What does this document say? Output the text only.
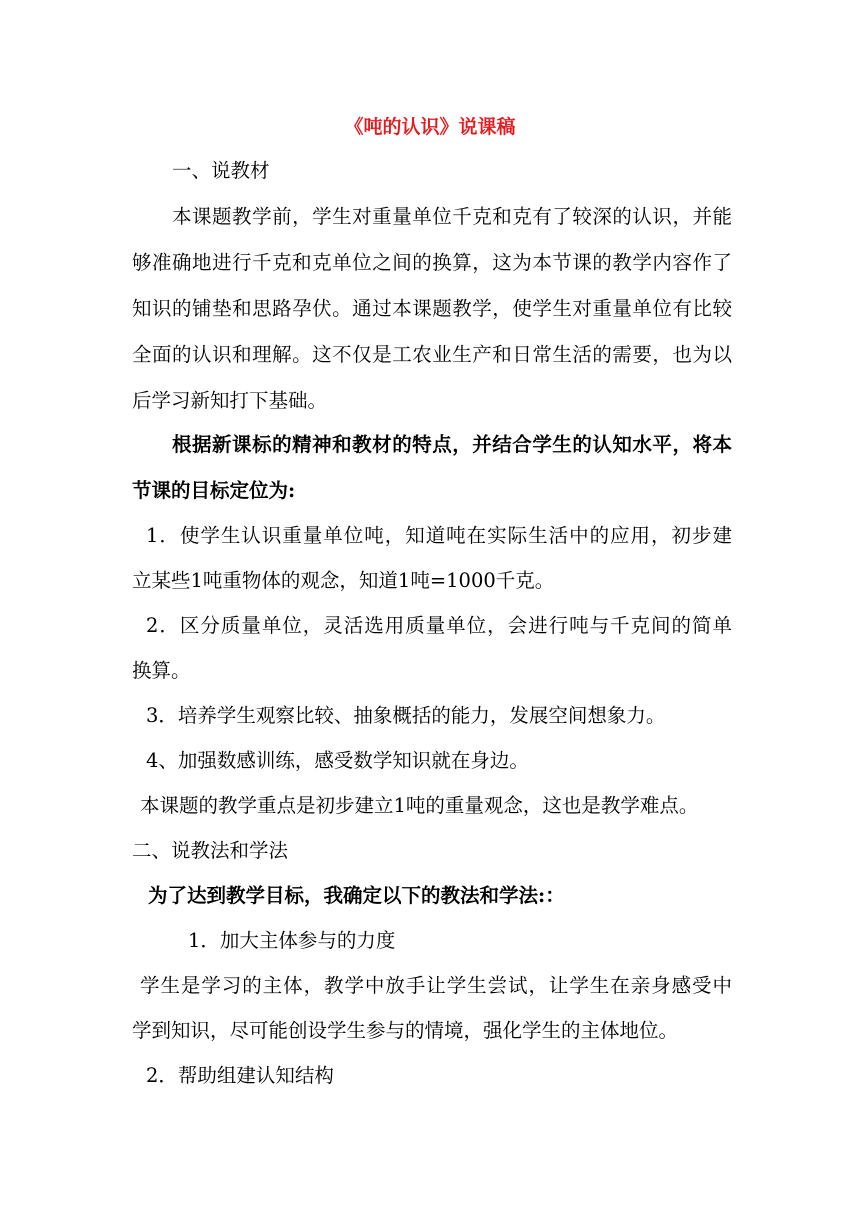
《吨的认识》说课稿
一、说教材
本课题教学前，学生对重量单位千克和克有了较深的认识，并能
够准确地进行千克和克单位之间的换算，这为本节课的教学内容作了
知识的铺垫和思路孕伏。通过本课题教学，使学生对重量单位有比较
全面的认识和理解。这不仅是工农业生产和日常生活的需要，也为以
后学习新知打下基础。
根据新课标的精神和教材的特点，并结合学生的认知水平，将本
节课的目标定位为:
1．使学生认识重量单位吨，知道吨在实际生活中的应用，初步建
立某些1吨重物体的观念，知道1吨=1000千克。
2．区分质量单位，灵活选用质量单位，会进行吨与千克间的简单
换算。
3．培养学生观察比较、抽象概括的能力，发展空间想象力。
4、加强数感训练，感受数学知识就在身边。
本课题的教学重点是初步建立1吨的重量观念，这也是教学难点。
二、说教法和学法
为了达到教学目标，我确定以下的教法和学法:：
1．加大主体参与的力度
学生是学习的主体，教学中放手让学生尝试，让学生在亲身感受中
学到知识，尽可能创设学生参与的情境，强化学生的主体地位。
2．帮助组建认知结构
